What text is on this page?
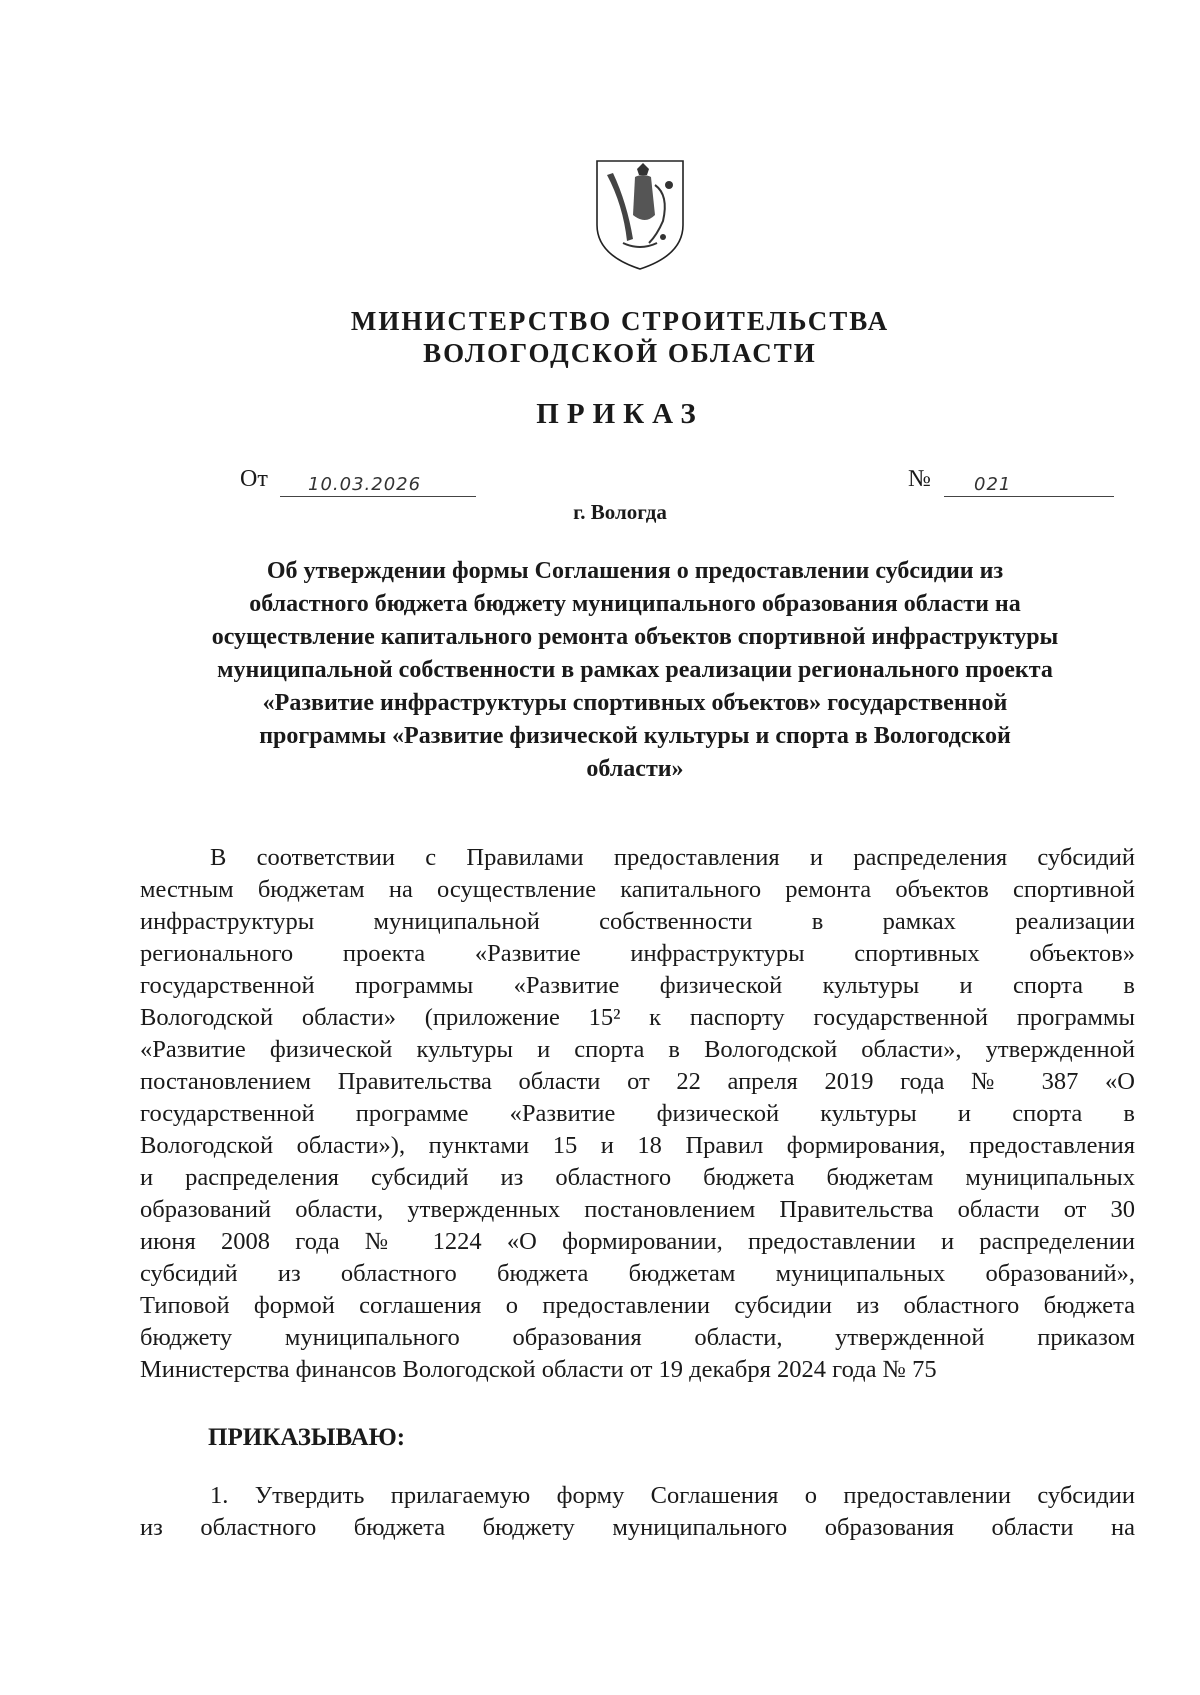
МИНИСТЕРСТВО СТРОИТЕЛЬСТВА
ВОЛОГОДСКОЙ ОБЛАСТИ
ПРИКАЗ
От 10.03.2026	№ 021
г. Вологда
Об утверждении формы Соглашения о предоставлении субсидии из
областного бюджета бюджету муниципального образования области на
осуществление капитального ремонта объектов спортивной инфраструктуры
муниципальной собственности в рамках реализации регионального проекта
«Развитие инфраструктуры спортивных объектов» государственной
программы «Развитие физической культуры и спорта в Вологодской
области»
В соответствии с Правилами предоставления и распределения субсидий
местным бюджетам на осуществление капитального ремонта объектов спортивной
инфраструктуры муниципальной собственности в рамках реализации
регионального проекта «Развитие инфраструктуры спортивных объектов»
государственной программы «Развитие физической культуры и спорта в
Вологодской области» (приложение 15² к паспорту государственной программы
«Развитие физической культуры и спорта в Вологодской области», утвержденной
постановлением Правительства области от 22 апреля 2019 года № 387 «О
государственной программе «Развитие физической культуры и спорта в
Вологодской области»), пунктами 15 и 18 Правил формирования, предоставления
и распределения субсидий из областного бюджета бюджетам муниципальных
образований области, утвержденных постановлением Правительства области от 30
июня 2008 года № 1224 «О формировании, предоставлении и распределении
субсидий из областного бюджета бюджетам муниципальных образований»,
Типовой формой соглашения о предоставлении субсидии из областного бюджета
бюджету муниципального образования области, утвержденной приказом
Министерства финансов Вологодской области от 19 декабря 2024 года № 75
ПРИКАЗЫВАЮ:
1. Утвердить прилагаемую форму Соглашения о предоставлении субсидии
из областного бюджета бюджету муниципального образования области на
